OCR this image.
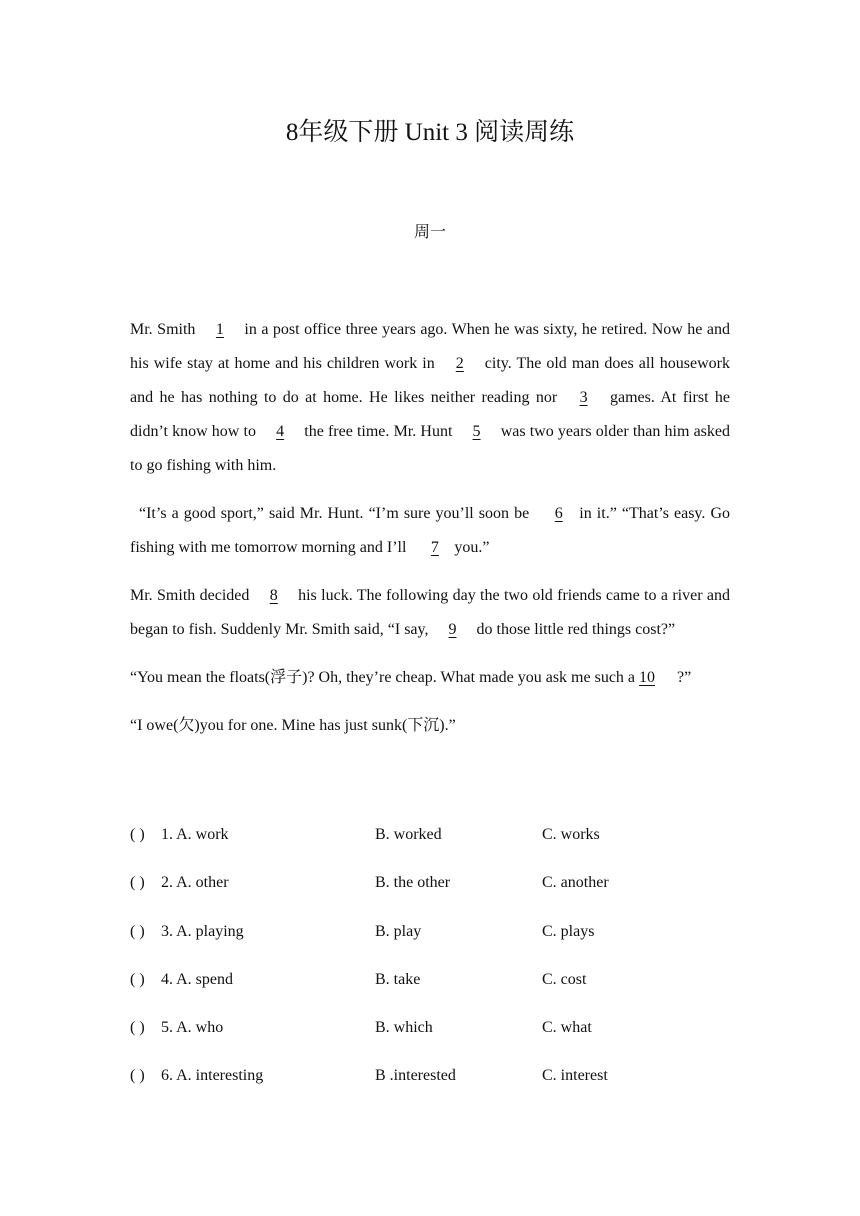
8年级下册 Unit 3 阅读周练
周一

Mr. Smith 1 in a post office three years ago. When he was sixty, he retired. Now he and his wife stay at home and his children work in 2 city. The old man does all housework and he has nothing to do at home. He likes neither reading nor 3 games. At first he didn’t know how to 4 the free time. Mr. Hunt 5 was two years older than him asked to go fishing with him.

“It’s a good sport,” said Mr. Hunt. “I’m sure you’ll soon be 6 in it.” “That’s easy. Go fishing with me tomorrow morning and I’ll 7 you.”

Mr. Smith decided 8 his luck. The following day the two old friends came to a river and began to fish. Suddenly Mr. Smith said, “I say, 9 do those little red things cost?”

“You mean the floats(浮子)? Oh, they’re cheap. What made you ask me such a 10 ?”

“I owe(欠)you for one. Mine has just sunk(下沉).”

( ) 1. A. work	B. worked	C. works
( ) 2. A. other	B. the other	C. another
( ) 3. A. playing	B. play	C. plays
( ) 4. A. spend	B. take	C. cost
( ) 5. A. who	B. which	C. what
( ) 6. A. interesting	B .interested	C. interest
